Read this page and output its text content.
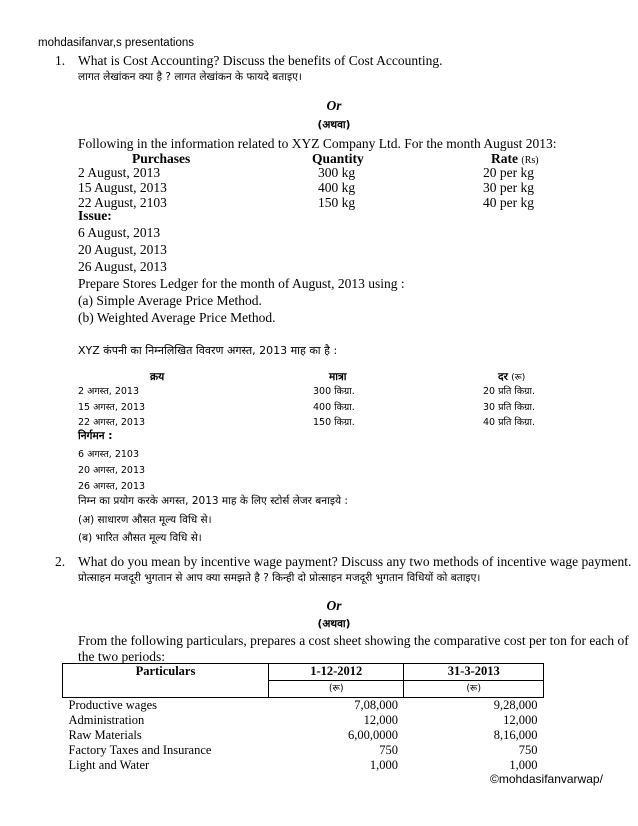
mohdasifanvar,s presentations
1. What is Cost Accounting? Discuss the benefits of Cost Accounting.
लागत लेखांकन क्या है ? लागत लेखांकन के फायदे बताइए।
Or
(अथवा)
Following in the information related to XYZ Company Ltd. For the month August 2013:
Purchases	Quantity	Rate (Rs)
2 August, 2013	300 kg	20 per kg
15 August, 2013	400 kg	30 per kg
22 August, 2103	150 kg	40 per kg
Issue:
6 August, 2013
20 August, 2013
26 August, 2013
Prepare Stores Ledger for the month of August, 2013 using :
(a) Simple Average Price Method.
(b) Weighted Average Price Method.
XYZ कंपनी का निम्नलिखित विवरण अगस्त, 2013 माह का है :
क्रय	मात्रा	दर (रू)
2 अगस्त, 2013	300 किग्रा.	20 प्रति किग्रा.
15 अगस्त, 2013	400 किग्रा.	30 प्रति किग्रा.
22 अगस्त, 2013	150 किग्रा.	40 प्रति किग्रा.
निर्गमन :
6 अगस्त, 2103
20 अगस्त, 2013
26 अगस्त, 2013
निम्न का प्रयोग करके अगस्त, 2013 माह के लिए स्टोर्स लेजर बनाइये :
(अ) साधारण औसत मूल्य विधि से।
(ब) भारित औसत मूल्य विधि से।
2. What do you mean by incentive wage payment? Discuss any two methods of incentive wage payment.
प्रोत्साहन मजदूरी भुगतान से आप क्या समझते है ? किन्ही दो प्रोत्साहन मजदूरी भुगतान विधियों को बताइए।
Or
(अथवा)
From the following particulars, prepares a cost sheet showing the comparative cost per ton for each of
the two periods:
Particulars	1-12-2012	31-3-2013
	(रू)	(रू)
Productive wages	7,08,000	9,28,000
Administration	12,000	12,000
Raw Materials	6,00,0000	8,16,000
Factory Taxes and Insurance	750	750
Light and Water	1,000	1,000
©mohdasifanvarwap/
